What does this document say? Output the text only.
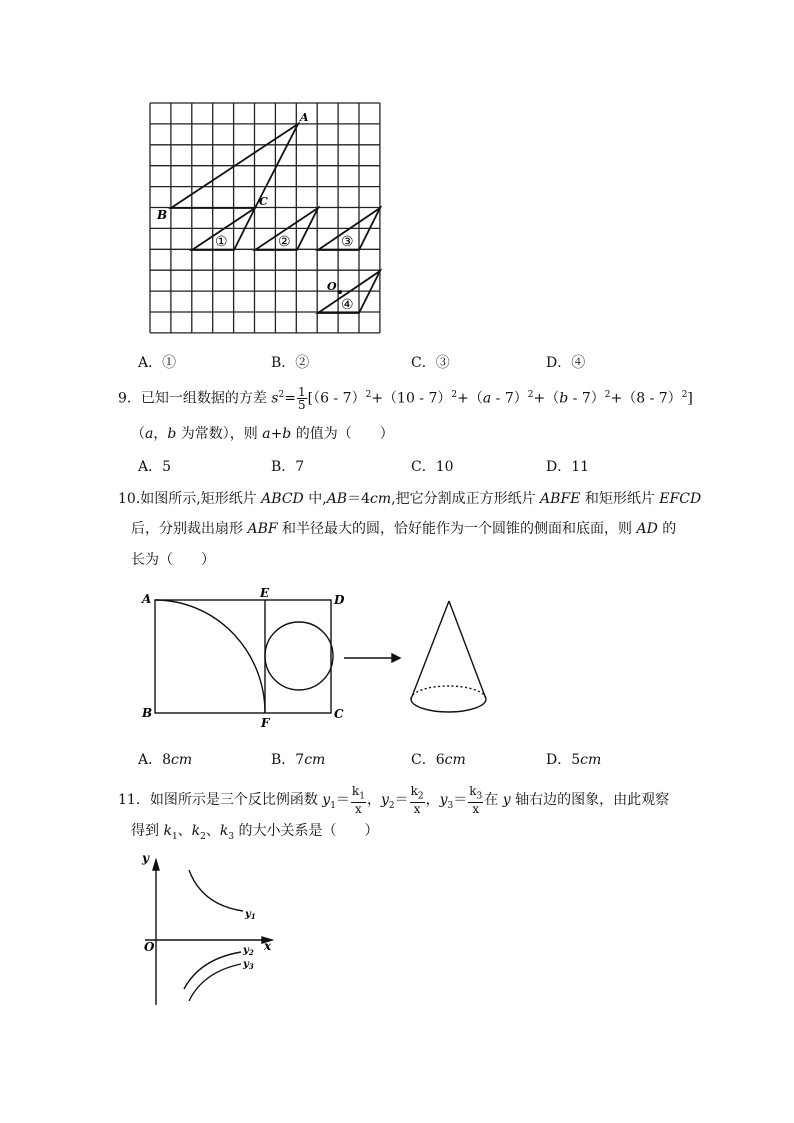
A
B
C
O
①	②	③
④
A．①	B．②	C．③	D．④
9．已知一组数据的方差 $s^2= \frac{1}{5} [(6 - 7)^2+(10 - 7)^2+(a - 7)^2+(b - 7)^2+(8 - 7)^2]$
（a，b 为常数），则 a+b 的值为（　　）
A．5	B．7	C．10	D．11
10.如图所示,矩形纸片 ABCD 中,AB＝4cm,把它分割成正方形纸片 ABFE 和矩形纸片 EFCD
后，分别裁出扇形 ABF 和半径最大的圆，恰好能作为一个圆锥的侧面和底面，则 AD 的
长为（　　）
A	E	D
B
F
C
A．8cm	B．7cm	C．6cm	D．5cm
11．如图所示是三个反比例函数 $y_1= \frac{k_1}{x}$ ，$y_2= \frac{k_2}{x}$ ，$y_3= \frac{k_3}{x}$ 在 y 轴右边的图象，由此观察
得到 $k_1$、$k_2$、$k_3$ 的大小关系是（　　）
y
x
O
$y_1$
$y_2$
$y_3$
